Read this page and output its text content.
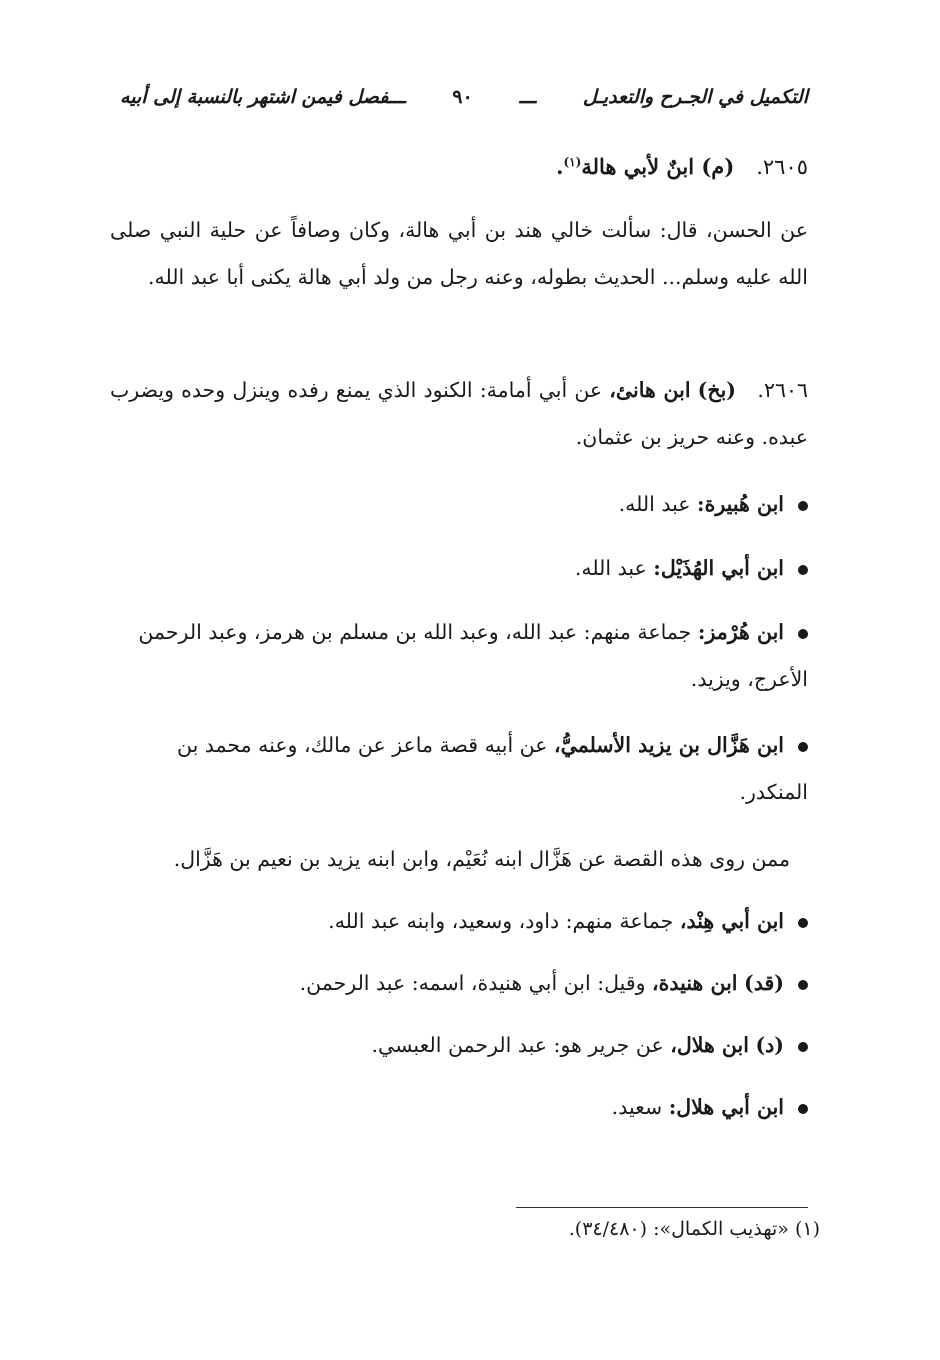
التكميل في الجـرح والتعديـل
ـــ
٩٠
ـــفصل فيمن اشتهر بالنسبة إلى أبيه
٢٦٠٥.   (م) ابنٌ لأبي هالة$^{(١)}$.
عن الحسن، قال: سألت خالي هند بن أبي هالة، وكان وصافاً عن حلية النبي صلى الله عليه وسلم... الحديث بطوله، وعنه رجل من ولد أبي هالة يكنى أبا عبد الله.
٢٦٠٦.   (بخ) ابن هانئ، عن أبي أمامة: الكنود الذي يمنع رفده وينزل وحده ويضرب عبده. وعنه حريز بن عثمان.
ابن هُبيرة: عبد الله.
ابن أبي الهُذَيْل: عبد الله.
ابن هُرْمز: جماعة منهم: عبد الله، وعبد الله بن مسلم بن هرمز، وعبد الرحمن الأعرج، ويزيد.
ابن هَزَّال بن يزيد الأسلميُّ، عن أبيه قصة ماعز عن مالك، وعنه محمد بن المنكدر.
ممن روى هذه القصة عن هَزَّال ابنه نُعَيْم، وابن ابنه يزيد بن نعيم بن هَزَّال.
ابن أبي هِنْد، جماعة منهم: داود، وسعيد، وابنه عبد الله.
(قد) ابن هنيدة، وقيل: ابن أبي هنيدة، اسمه: عبد الرحمن.
(د) ابن هلال، عن جرير هو: عبد الرحمن العبسي.
ابن أبي هلال: سعيد.
(١) «تهذيب الكمال»: (٣٤/٤٨٠).
